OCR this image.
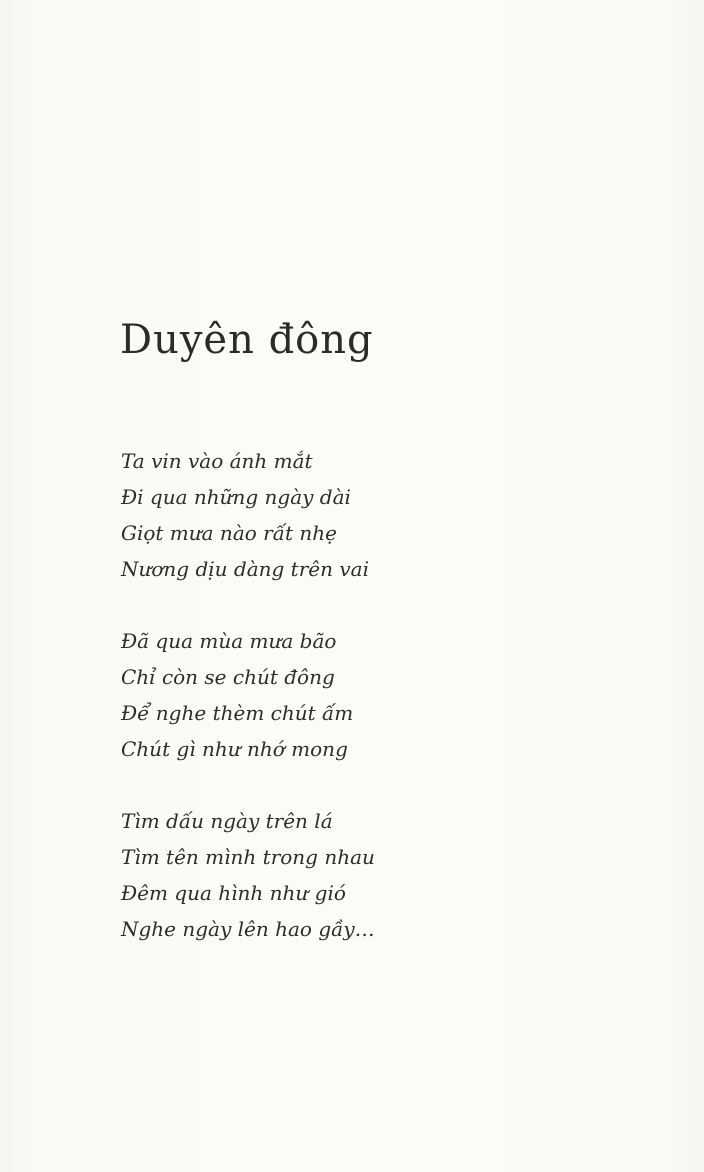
Duyên đông
Ta vin vào ánh mắt
Đi qua những ngày dài
Giọt mưa nào rất nhẹ
Nương dịu dàng trên vai
Đã qua mùa mưa bão
Chỉ còn se chút đông
Để nghe thèm chút ấm
Chút gì như nhớ mong
Tìm dấu ngày trên lá
Tìm tên mình trong nhau
Đêm qua hình như gió
Nghe ngày lên hao gầy…
